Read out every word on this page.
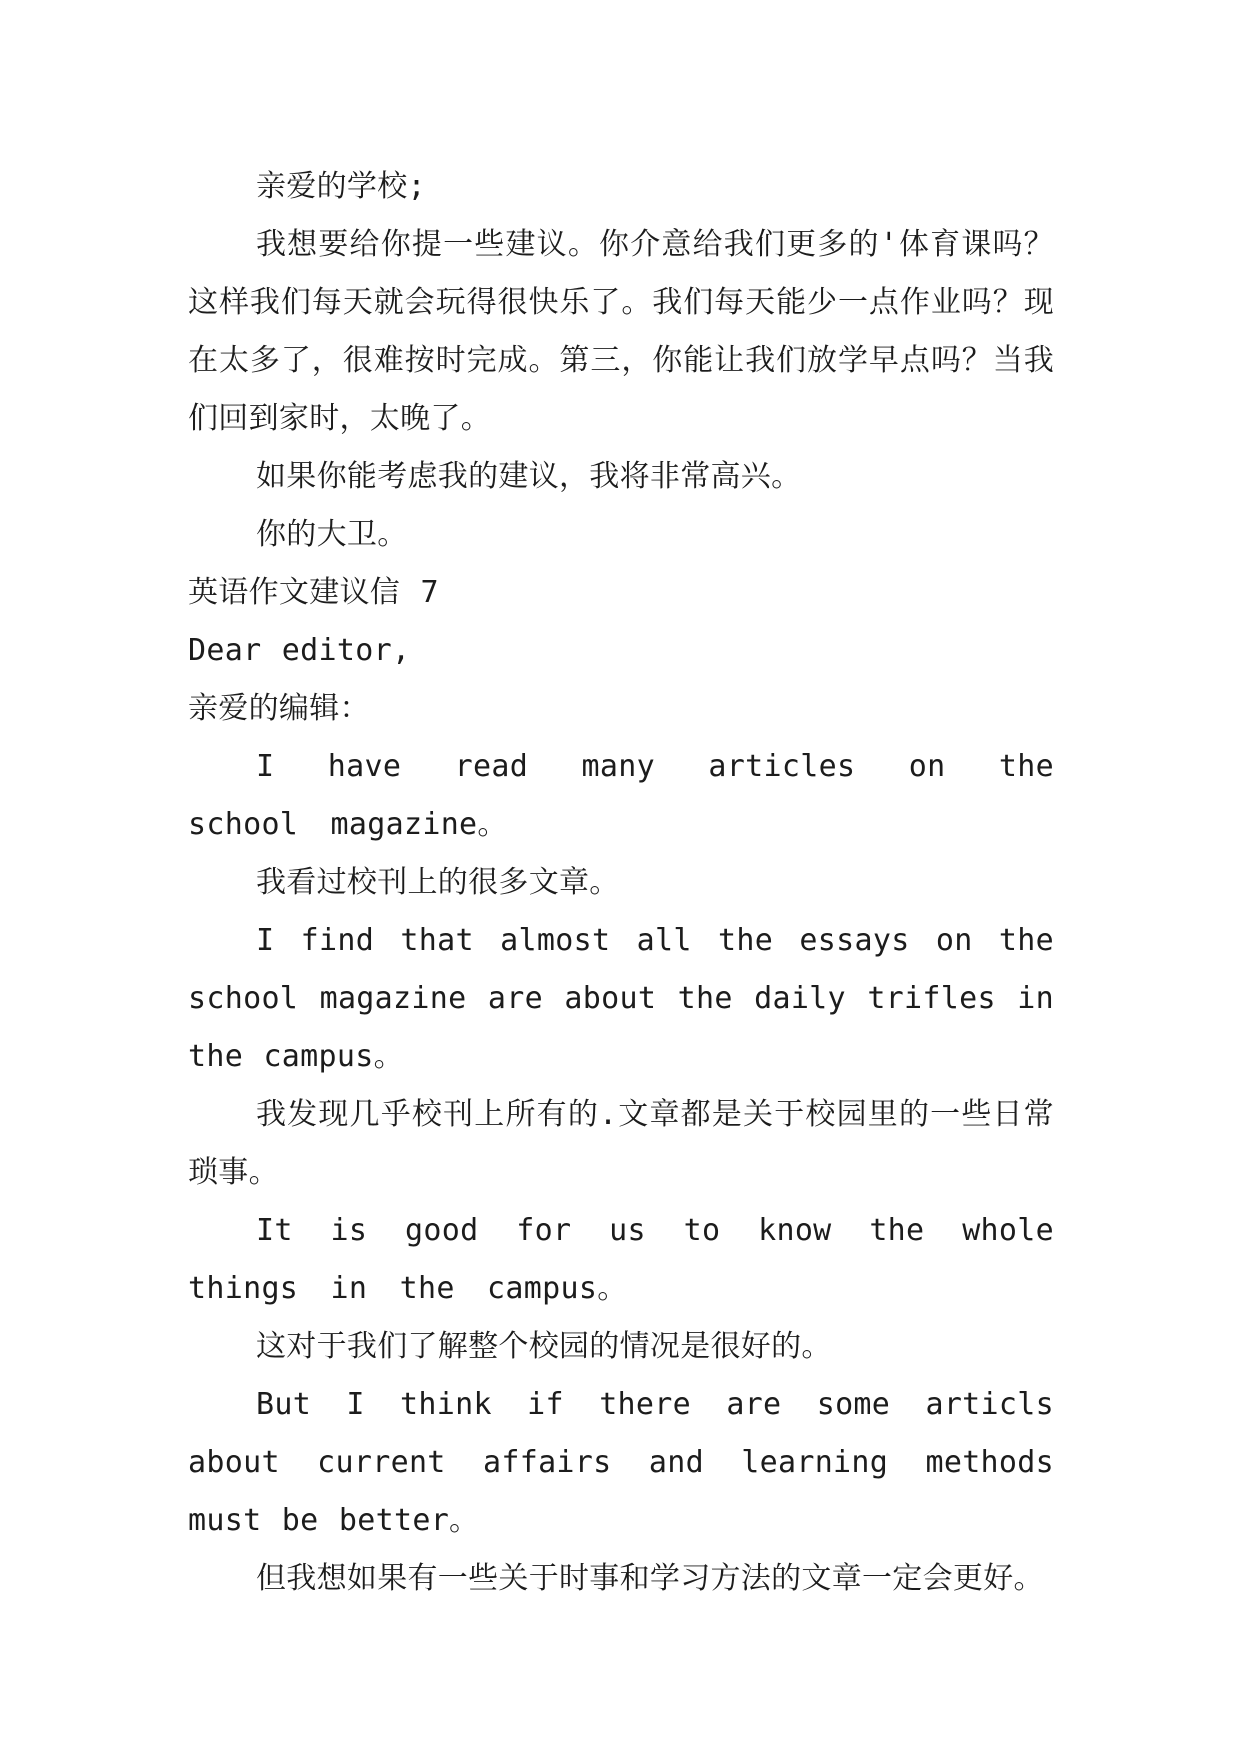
亲爱的学校;

我想要给你提一些建议。你介意给我们更多的'体育课吗？这样我们每天就会玩得很快乐了。我们每天能少一点作业吗？现在太多了，很难按时完成。第三，你能让我们放学早点吗？当我们回到家时，太晚了。

如果你能考虑我的建议，我将非常高兴。

你的大卫。

英语作文建议信 7

Dear editor,

亲爱的编辑：

I have read many articles on the school magazine。

我看过校刊上的很多文章。

I find that almost all the essays on the school magazine are about the daily trifles in the campus。

我发现几乎校刊上所有的.文章都是关于校园里的一些日常琐事。

It is good for us to know the whole things in the campus。

这对于我们了解整个校园的情况是很好的。

But I think if there are some articls about current affairs and learning methods must be better。

但我想如果有一些关于时事和学习方法的文章一定会更好。
